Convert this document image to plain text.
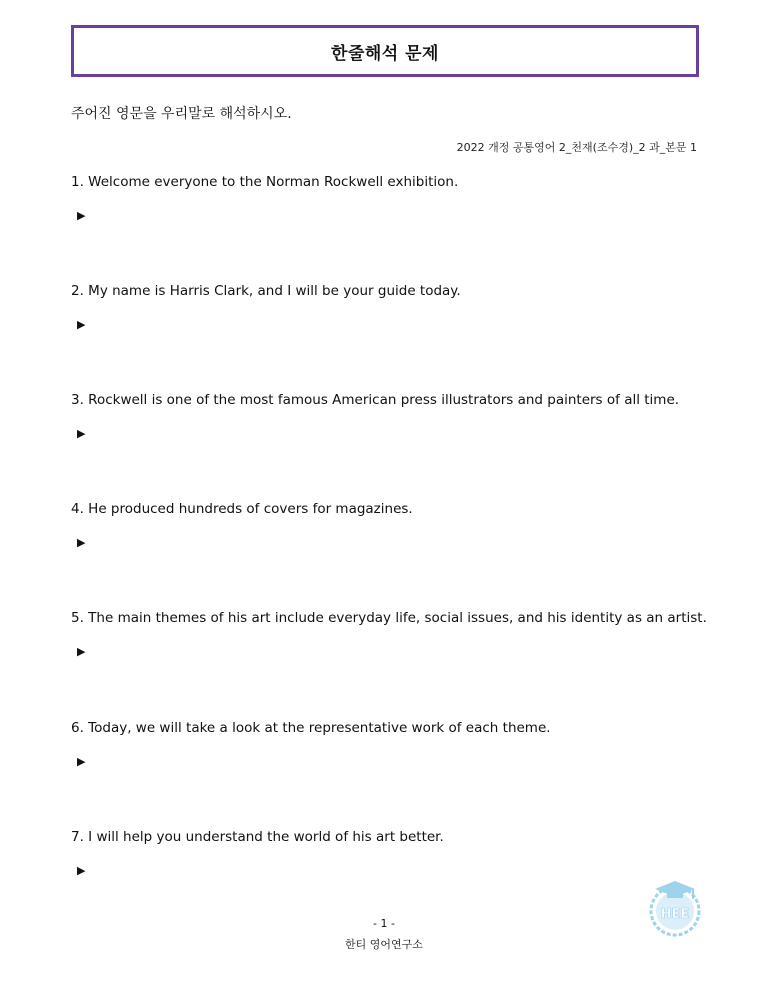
한줄해석 문제
주어진 영문을 우리말로 해석하시오.
2022 개정 공통영어 2_천재(조수경)_2 과_본문 1
1. Welcome everyone to the Norman Rockwell exhibition.
▶
2. My name is Harris Clark, and I will be your guide today.
▶
3. Rockwell is one of the most famous American press illustrators and painters of all time.
▶
4. He produced hundreds of covers for magazines.
▶
5. The main themes of his art include everyday life, social issues, and his identity as an artist.
▶
6. Today, we will take a look at the representative work of each theme.
▶
7. I will help you understand the world of his art better.
▶
- 1 -
한티 영어연구소
HEE
